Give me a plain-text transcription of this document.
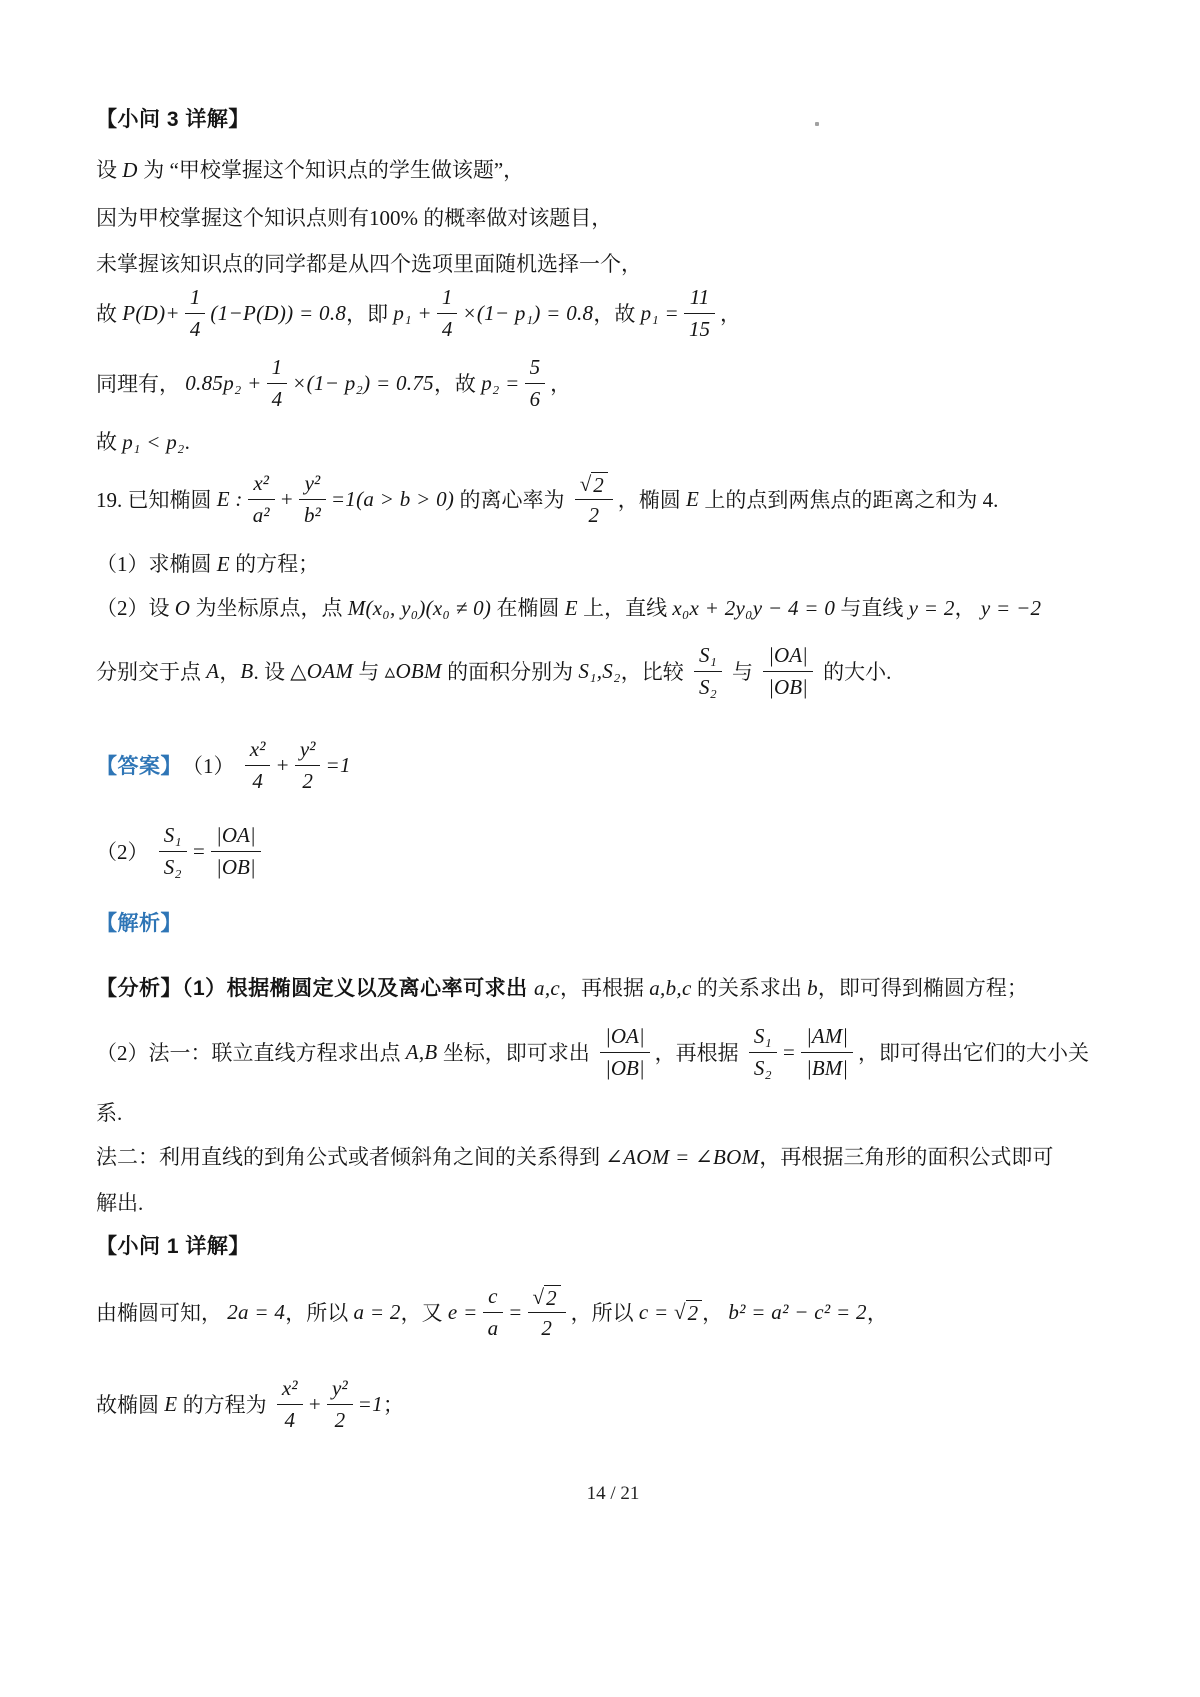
【小问 3 详解】
设 D 为 “甲校掌握这个知识点的学生做该题”，
因为甲校掌握这个知识点则有100% 的概率做对该题目，
未掌握该知识点的同学都是从四个选项里面随机选择一个，
故 $P(D)+ \frac{1}{4} (1-P(D)) = 0.8$ ，即 $p_1 + \frac{1}{4} \times(1- p_1) = 0.8$ ，故 $p_1 = \frac{11}{15}$ ，
同理有， $0.85p_2 + \frac{1}{4} \times(1- p_2) = 0.75$ ，故 $p_2 = \frac{5}{6}$ ，
故 p₁ < p₂.
19. 已知椭圆 E : $\frac{\text{x²}}{\text{a²}} + \frac{\text{y²}}{\text{b²}} =1(a > b > 0)$ 的离心率为 $\frac{√ 2}{2}$ ，椭圆 E 上的点到两焦点的距离之和为 4.
（1）求椭圆 E 的方程；
（2）设 O 为坐标原点，点 M(x₀, y₀)(x₀ ≠ 0) 在椭圆 E 上，直线 x₀x + 2y₀y − 4 = 0 与直线 y = 2， y = −2
分别交于点 A ， B . 设 △OAM 与 ▵OBM 的面积分别为 S₁,S₂ ，比较 $\frac{\text{S₁}}{\text{S₂}}$ 与 $\frac{|OA|}{|OB|}$ 的大小.
【答案】 $(1) \frac{\text{x²}}{4} + \frac{\text{y²}}{2} =1$
$(2) \frac{\text{S₁}}{\text{S₂}} = \frac{|OA|}{|OB|}$
【解析】
【分析】（1）根据椭圆定义以及离心率可求出 a,c，再根据 a,b,c 的关系求出 b，即可得到椭圆方程；
（2）法一：联立直线方程求出点 A,B 坐标，即可求出 $\frac{|OA|}{|OB|}$ ，再根据 $\frac{\text{S₁}}{\text{S₂}} = \frac{|AM|}{|BM|}$ ，即可得出它们的大小关
系.
法二：利用直线的到角公式或者倾斜角之间的关系得到 ∠AOM = ∠BOM，再根据三角形的面积公式即可
解出.
【小问 1 详解】
由椭圆可知， 2a = 4 ，所以 a = 2 ，又 $e = \frac{c}{a} = \frac{√ 2}{2}$ ，所以 c = √ 2 ， b² = a² − c² = 2 ，
故椭圆 E 的方程为 $\frac{\text{x²}}{4} + \frac{\text{y²}}{2} =1$ ；
14 / 21
